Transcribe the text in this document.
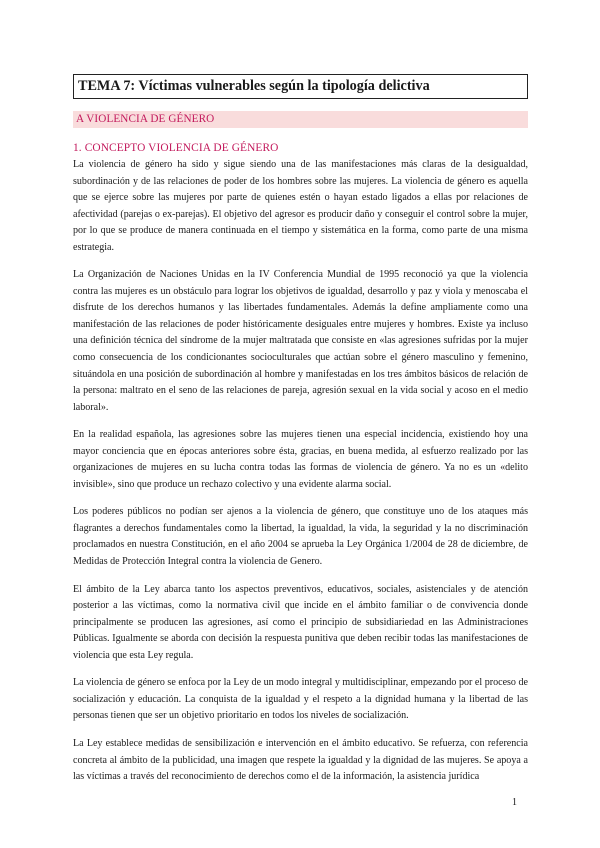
TEMA 7: Víctimas vulnerables según la tipología delictiva
A VIOLENCIA DE GÉNERO
1. CONCEPTO VIOLENCIA DE GÉNERO

La violencia de género ha sido y sigue siendo una de las manifestaciones más claras de la desigualdad, subordinación y de las relaciones de poder de los hombres sobre las mujeres. La violencia de género es aquella que se ejerce sobre las mujeres por parte de quienes estén o hayan estado ligados a ellas por relaciones de afectividad (parejas o ex-parejas). El objetivo del agresor es producir daño y conseguir el control sobre la mujer, por lo que se produce de manera continuada en el tiempo y sistemática en la forma, como parte de una misma estrategia.

La Organización de Naciones Unidas en la IV Conferencia Mundial de 1995 reconoció ya que la violencia contra las mujeres es un obstáculo para lograr los objetivos de igualdad, desarrollo y paz y viola y menoscaba el disfrute de los derechos humanos y las libertades fundamentales. Además la define ampliamente como una manifestación de las relaciones de poder históricamente desiguales entre mujeres y hombres. Existe ya incluso una definición técnica del síndrome de la mujer maltratada que consiste en «las agresiones sufridas por la mujer como consecuencia de los condicionantes socioculturales que actúan sobre el género masculino y femenino, situándola en una posición de subordinación al hombre y manifestadas en los tres ámbitos básicos de relación de la persona: maltrato en el seno de las relaciones de pareja, agresión sexual en la vida social y acoso en el medio laboral».

En la realidad española, las agresiones sobre las mujeres tienen una especial incidencia, existiendo hoy una mayor conciencia que en épocas anteriores sobre ésta, gracias, en buena medida, al esfuerzo realizado por las organizaciones de mujeres en su lucha contra todas las formas de violencia de género. Ya no es un «delito invisible», sino que produce un rechazo colectivo y una evidente alarma social.

Los poderes públicos no podían ser ajenos a la violencia de género, que constituye uno de los ataques más flagrantes a derechos fundamentales como la libertad, la igualdad, la vida, la seguridad y la no discriminación proclamados en nuestra Constitución, en el año 2004 se aprueba la Ley Orgánica 1/2004 de 28 de diciembre, de Medidas de Protección Integral contra la violencia de Genero.

El ámbito de la Ley abarca tanto los aspectos preventivos, educativos, sociales, asistenciales y de atención posterior a las víctimas, como la normativa civil que incide en el ámbito familiar o de convivencia donde principalmente se producen las agresiones, así como el principio de subsidiariedad en las Administraciones Públicas. Igualmente se aborda con decisión la respuesta punitiva que deben recibir todas las manifestaciones de violencia que esta Ley regula.

La violencia de género se enfoca por la Ley de un modo integral y multidisciplinar, empezando por el proceso de socialización y educación. La conquista de la igualdad y el respeto a la dignidad humana y la libertad de las personas tienen que ser un objetivo prioritario en todos los niveles de socialización.

La Ley establece medidas de sensibilización e intervención en el ámbito educativo. Se refuerza, con referencia concreta al ámbito de la publicidad, una imagen que respete la igualdad y la dignidad de las mujeres. Se apoya a las víctimas a través del reconocimiento de derechos como el de la información, la asistencia jurídica

1
